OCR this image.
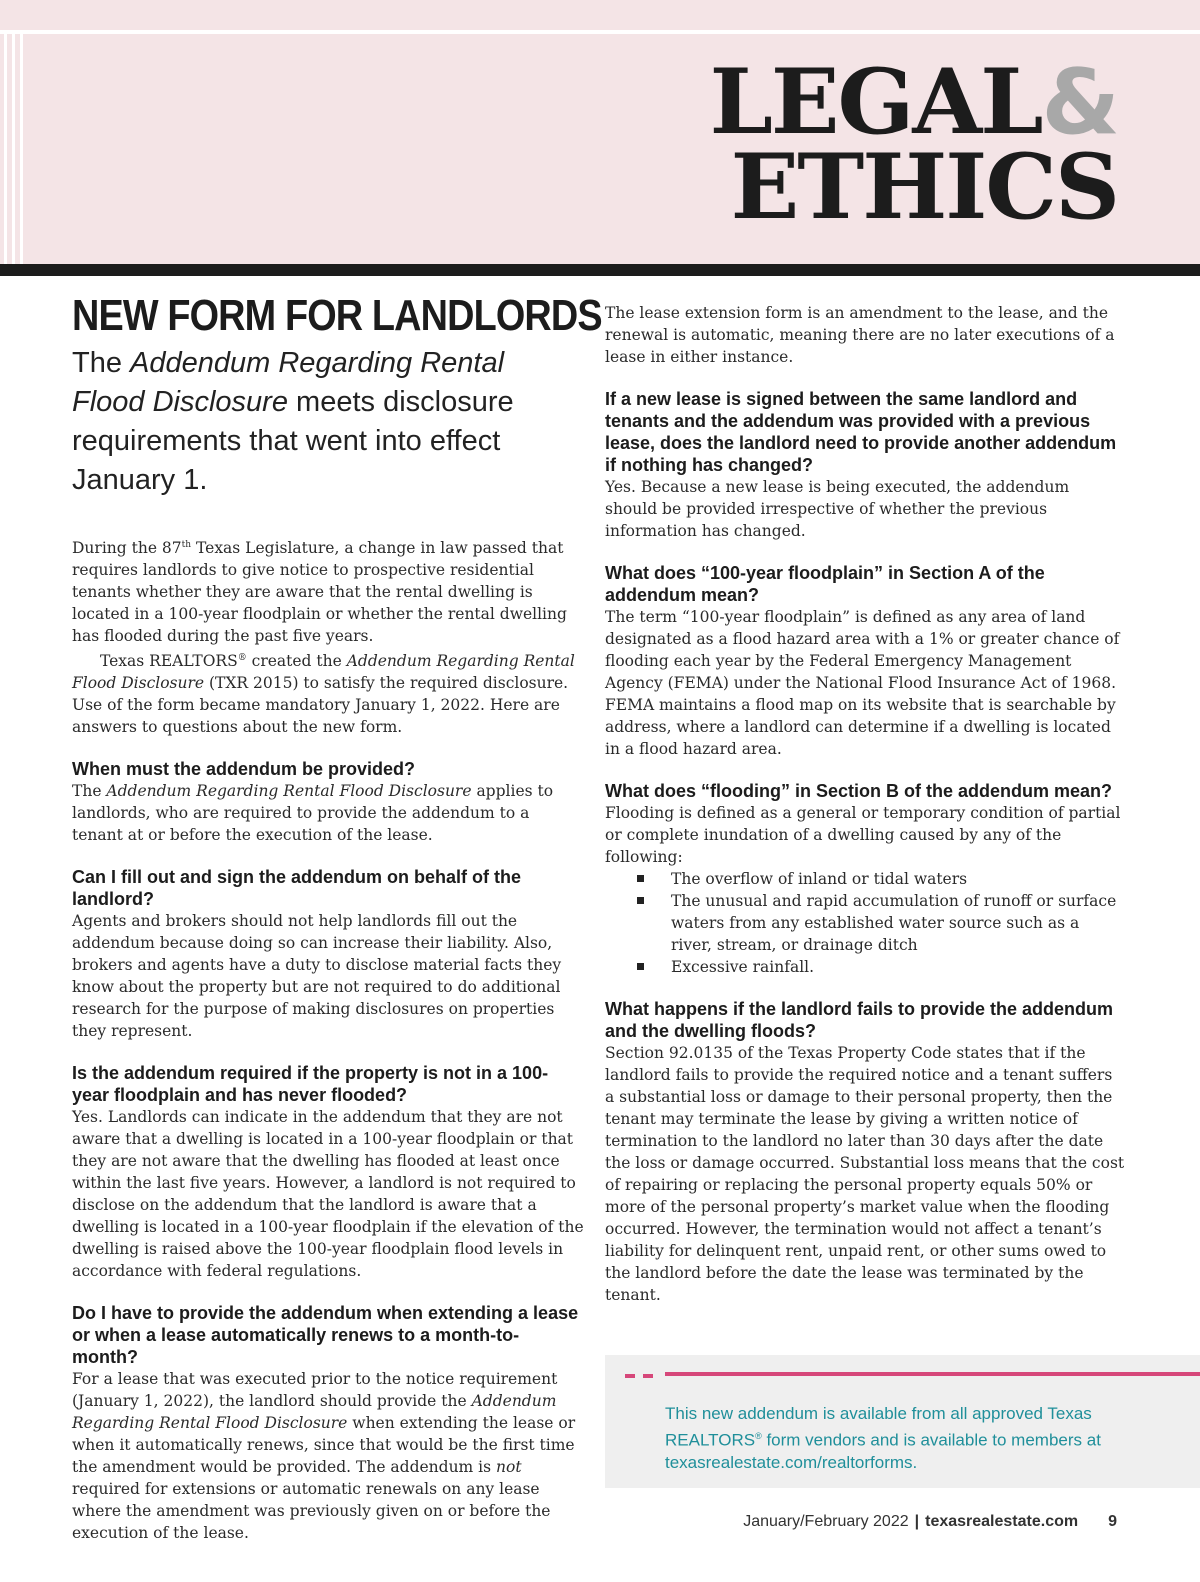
LEGAL&
ETHICS
NEW FORM FOR LANDLORDS
The Addendum Regarding Rental Flood Disclosure meets disclosure requirements that went into effect January 1.

During the 87th Texas Legislature, a change in law passed that requires landlords to give notice to prospective residential tenants whether they are aware that the rental dwelling is located in a 100-year floodplain or whether the rental dwelling has flooded during the past five years.

Texas REALTORS® created the Addendum Regarding Rental Flood Disclosure (TXR 2015) to satisfy the required disclosure. Use of the form became mandatory January 1, 2022. Here are answers to questions about the new form.

When must the addendum be provided?

The Addendum Regarding Rental Flood Disclosure applies to landlords, who are required to provide the addendum to a tenant at or before the execution of the lease.

Can I fill out and sign the addendum on behalf of the landlord?

Agents and brokers should not help landlords fill out the addendum because doing so can increase their liability. Also, brokers and agents have a duty to disclose material facts they know about the property but are not required to do additional research for the purpose of making disclosures on properties they represent.

Is the addendum required if the property is not in a 100-year floodplain and has never flooded?

Yes. Landlords can indicate in the addendum that they are not aware that a dwelling is located in a 100-year floodplain or that they are not aware that the dwelling has flooded at least once within the last five years. However, a landlord is not required to disclose on the addendum that the landlord is aware that a dwelling is located in a 100-year floodplain if the elevation of the dwelling is raised above the 100-year floodplain flood levels in accordance with federal regulations.

Do I have to provide the addendum when extending a lease or when a lease automatically renews to a month-to-month?

For a lease that was executed prior to the notice requirement (January 1, 2022), the landlord should provide the Addendum Regarding Rental Flood Disclosure when extending the lease or when it automatically renews, since that would be the first time the amendment would be provided. The addendum is not required for extensions or automatic renewals on any lease where the amendment was previously given on or before the execution of the lease.

The lease extension form is an amendment to the lease, and the renewal is automatic, meaning there are no later executions of a lease in either instance.

If a new lease is signed between the same landlord and tenants and the addendum was provided with a previous lease, does the landlord need to provide another addendum if nothing has changed?

Yes. Because a new lease is being executed, the addendum should be provided irrespective of whether the previous information has changed.

What does “100-year floodplain” in Section A of the addendum mean?

The term “100-year floodplain” is defined as any area of land designated as a flood hazard area with a 1% or greater chance of flooding each year by the Federal Emergency Management Agency (FEMA) under the National Flood Insurance Act of 1968. FEMA maintains a flood map on its website that is searchable by address, where a landlord can determine if a dwelling is located in a flood hazard area.

What does “flooding” in Section B of the addendum mean?

Flooding is defined as a general or temporary condition of partial or complete inundation of a dwelling caused by any of the following:

The overflow of inland or tidal waters
The unusual and rapid accumulation of runoff or surface waters from any established water source such as a river, stream, or drainage ditch
Excessive rainfall.
What happens if the landlord fails to provide the addendum and the dwelling floods?

Section 92.0135 of the Texas Property Code states that if the landlord fails to provide the required notice and a tenant suffers a substantial loss or damage to their personal property, then the tenant may terminate the lease by giving a written notice of termination to the landlord no later than 30 days after the date the loss or damage occurred. Substantial loss means that the cost of repairing or replacing the personal property equals 50% or more of the personal property’s market value when the flooding occurred. However, the termination would not affect a tenant’s liability for delinquent rent, unpaid rent, or other sums owed to the landlord before the date the lease was terminated by the tenant.

This new addendum is available from all approved Texas REALTORS® form vendors and is available to members at texasrealestate.com/realtorforms.
January/February 2022 | texasrealestate.com 9
